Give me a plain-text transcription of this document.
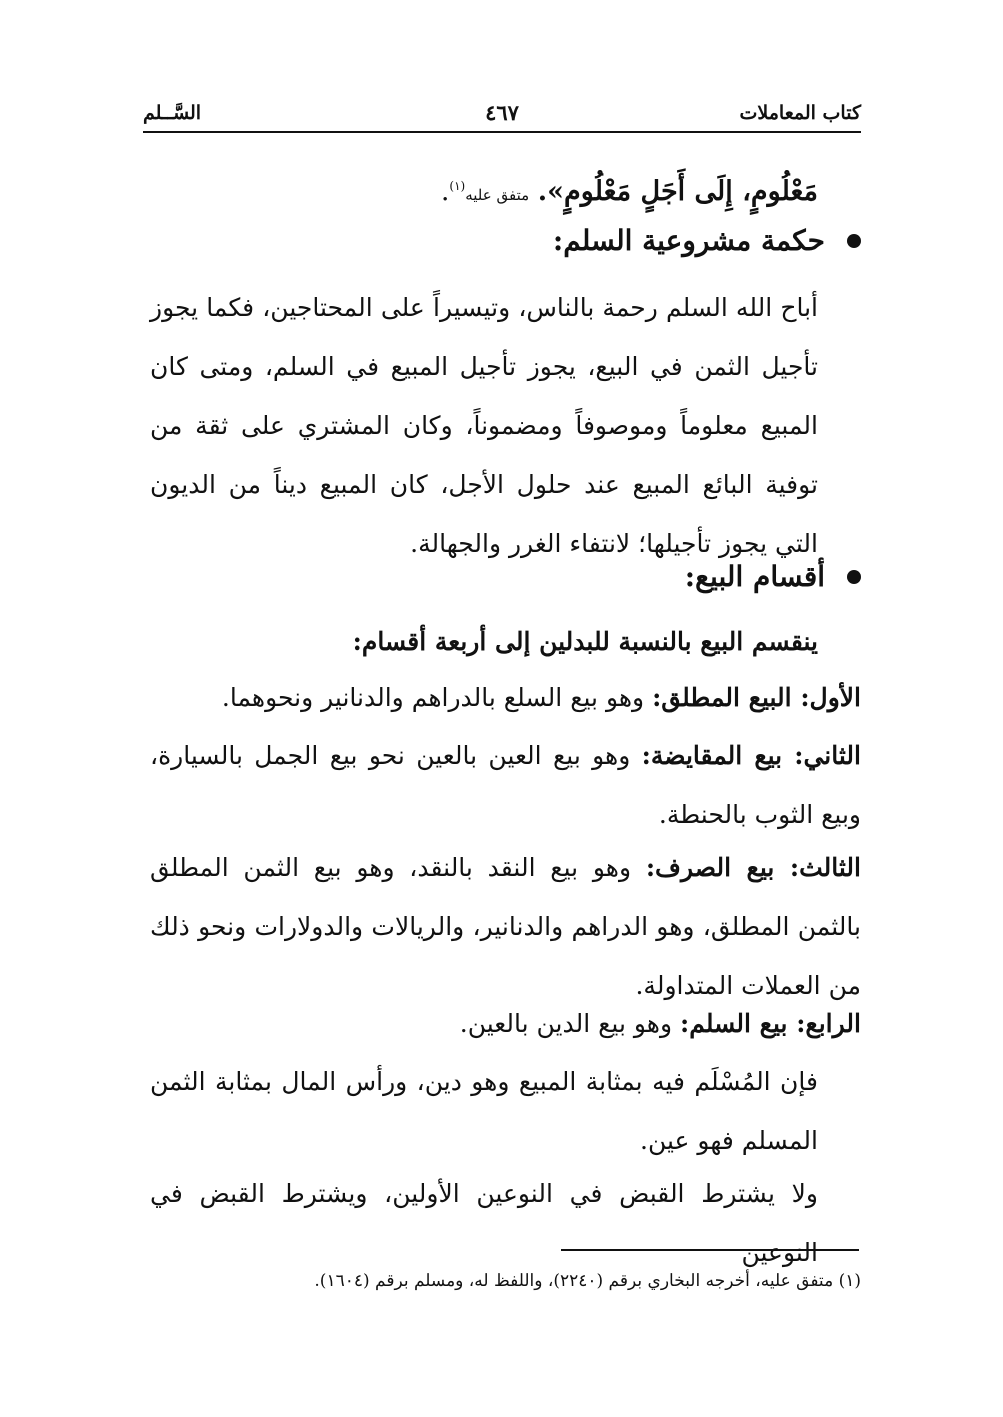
كتاب المعاملات
٤٦٧
السَّــلم
مَعْلُومٍ، إِلَى أَجَلٍ مَعْلُومٍ». متفق عليه$^{(١)}$.
حكمة مشروعية السلم:
أباح الله السلم رحمة بالناس، وتيسيراً على المحتاجين، فكما يجوز تأجيل الثمن في البيع، يجوز تأجيل المبيع في السلم، ومتى كان المبيع معلوماً وموصوفاً ومضموناً، وكان المشتري على ثقة من توفية البائع المبيع عند حلول الأجل، كان المبيع ديناً من الديون التي يجوز تأجيلها؛ لانتفاء الغرر والجهالة.
أقسام البيع:
ينقسم البيع بالنسبة للبدلين إلى أربعة أقسام:
الأول: البيع المطلق: وهو بيع السلع بالدراهم والدنانير ونحوهما.
الثاني: بيع المقايضة: وهو بيع العين بالعين نحو بيع الجمل بالسيارة، وبيع الثوب بالحنطة.
الثالث: بيع الصرف: وهو بيع النقد بالنقد، وهو بيع الثمن المطلق بالثمن المطلق، وهو الدراهم والدنانير، والريالات والدولارات ونحو ذلك من العملات المتداولة.
الرابع: بيع السلم: وهو بيع الدين بالعين.
فإن المُسْلَم فيه بمثابة المبيع وهو دين، ورأس المال بمثابة الثمن المسلم فهو عين.
ولا يشترط القبض في النوعين الأولين، ويشترط القبض في النوعين
(١) متفق عليه، أخرجه البخاري برقم (٢٢٤٠)، واللفظ له، ومسلم برقم (١٦٠٤).
